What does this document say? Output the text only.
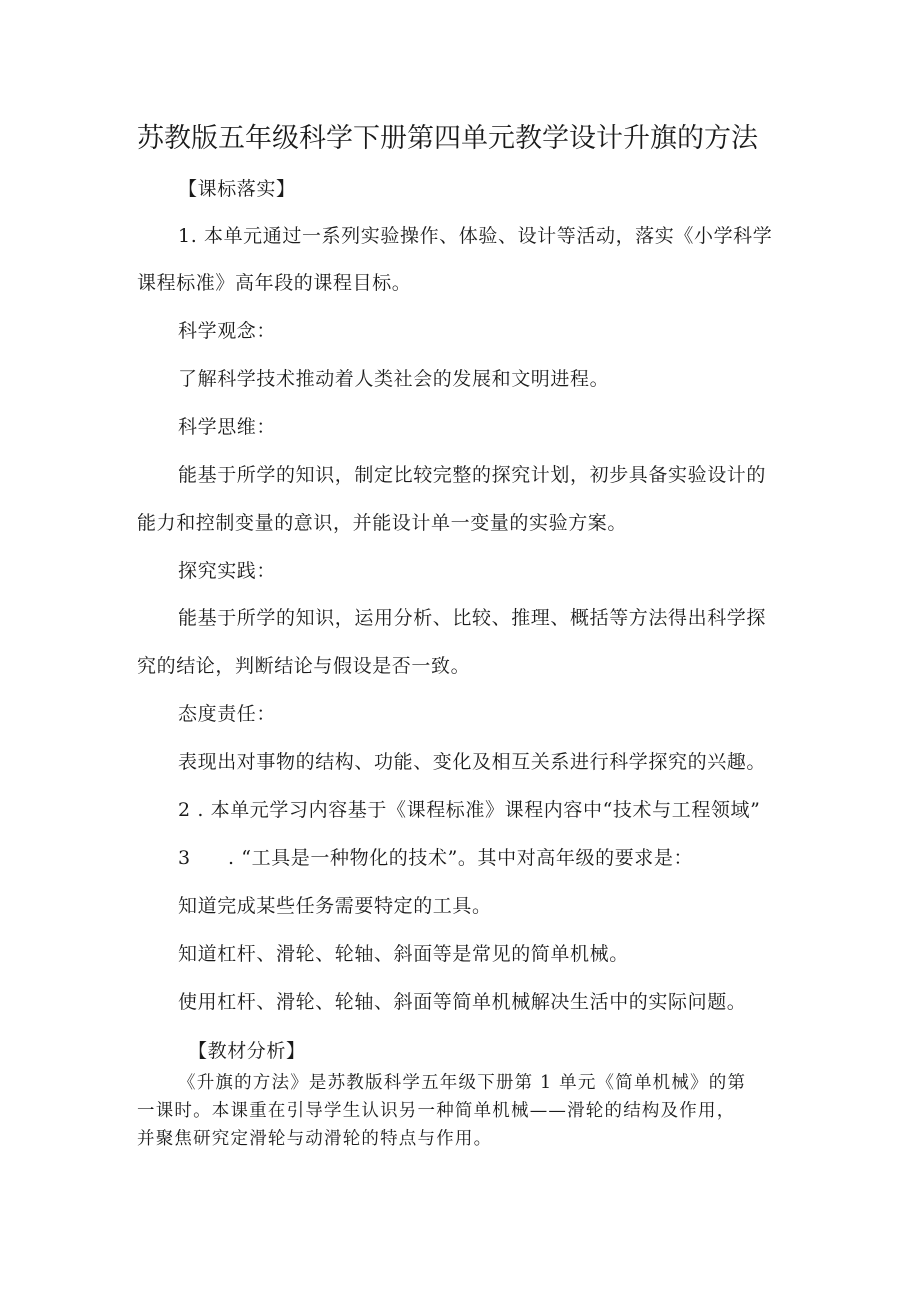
苏教版五年级科学下册第四单元教学设计升旗的方法
【课标落实】
1. 本单元通过一系列实验操作、体验、设计等活动，落实《小学科学
课程标准》高年段的课程目标。
科学观念：
了解科学技术推动着人类社会的发展和文明进程。
科学思维：
能基于所学的知识，制定比较完整的探究计划，初步具备实验设计的
能力和控制变量的意识，并能设计单一变量的实验方案。
探究实践：
能基于所学的知识，运用分析、比较、推理、概括等方法得出科学探
究的结论，判断结论与假设是否一致。
态度责任：
表现出对事物的结构、功能、变化及相互关系进行科学探究的兴趣。
2 . 本单元学习内容基于《课程标准》课程内容中“技术与工程领域”
3 . “工具是一种物化的技术”。其中对高年级的要求是：
知道完成某些任务需要特定的工具。
知道杠杆、滑轮、轮轴、斜面等是常见的简单机械。
使用杠杆、滑轮、轮轴、斜面等简单机械解决生活中的实际问题。
【教材分析】
《升旗的方法》是苏教版科学五年级下册第 1 单元《简单机械》的第
一课时。本课重在引导学生认识另一种简单机械——滑轮的结构及作用，
并聚焦研究定滑轮与动滑轮的特点与作用。
